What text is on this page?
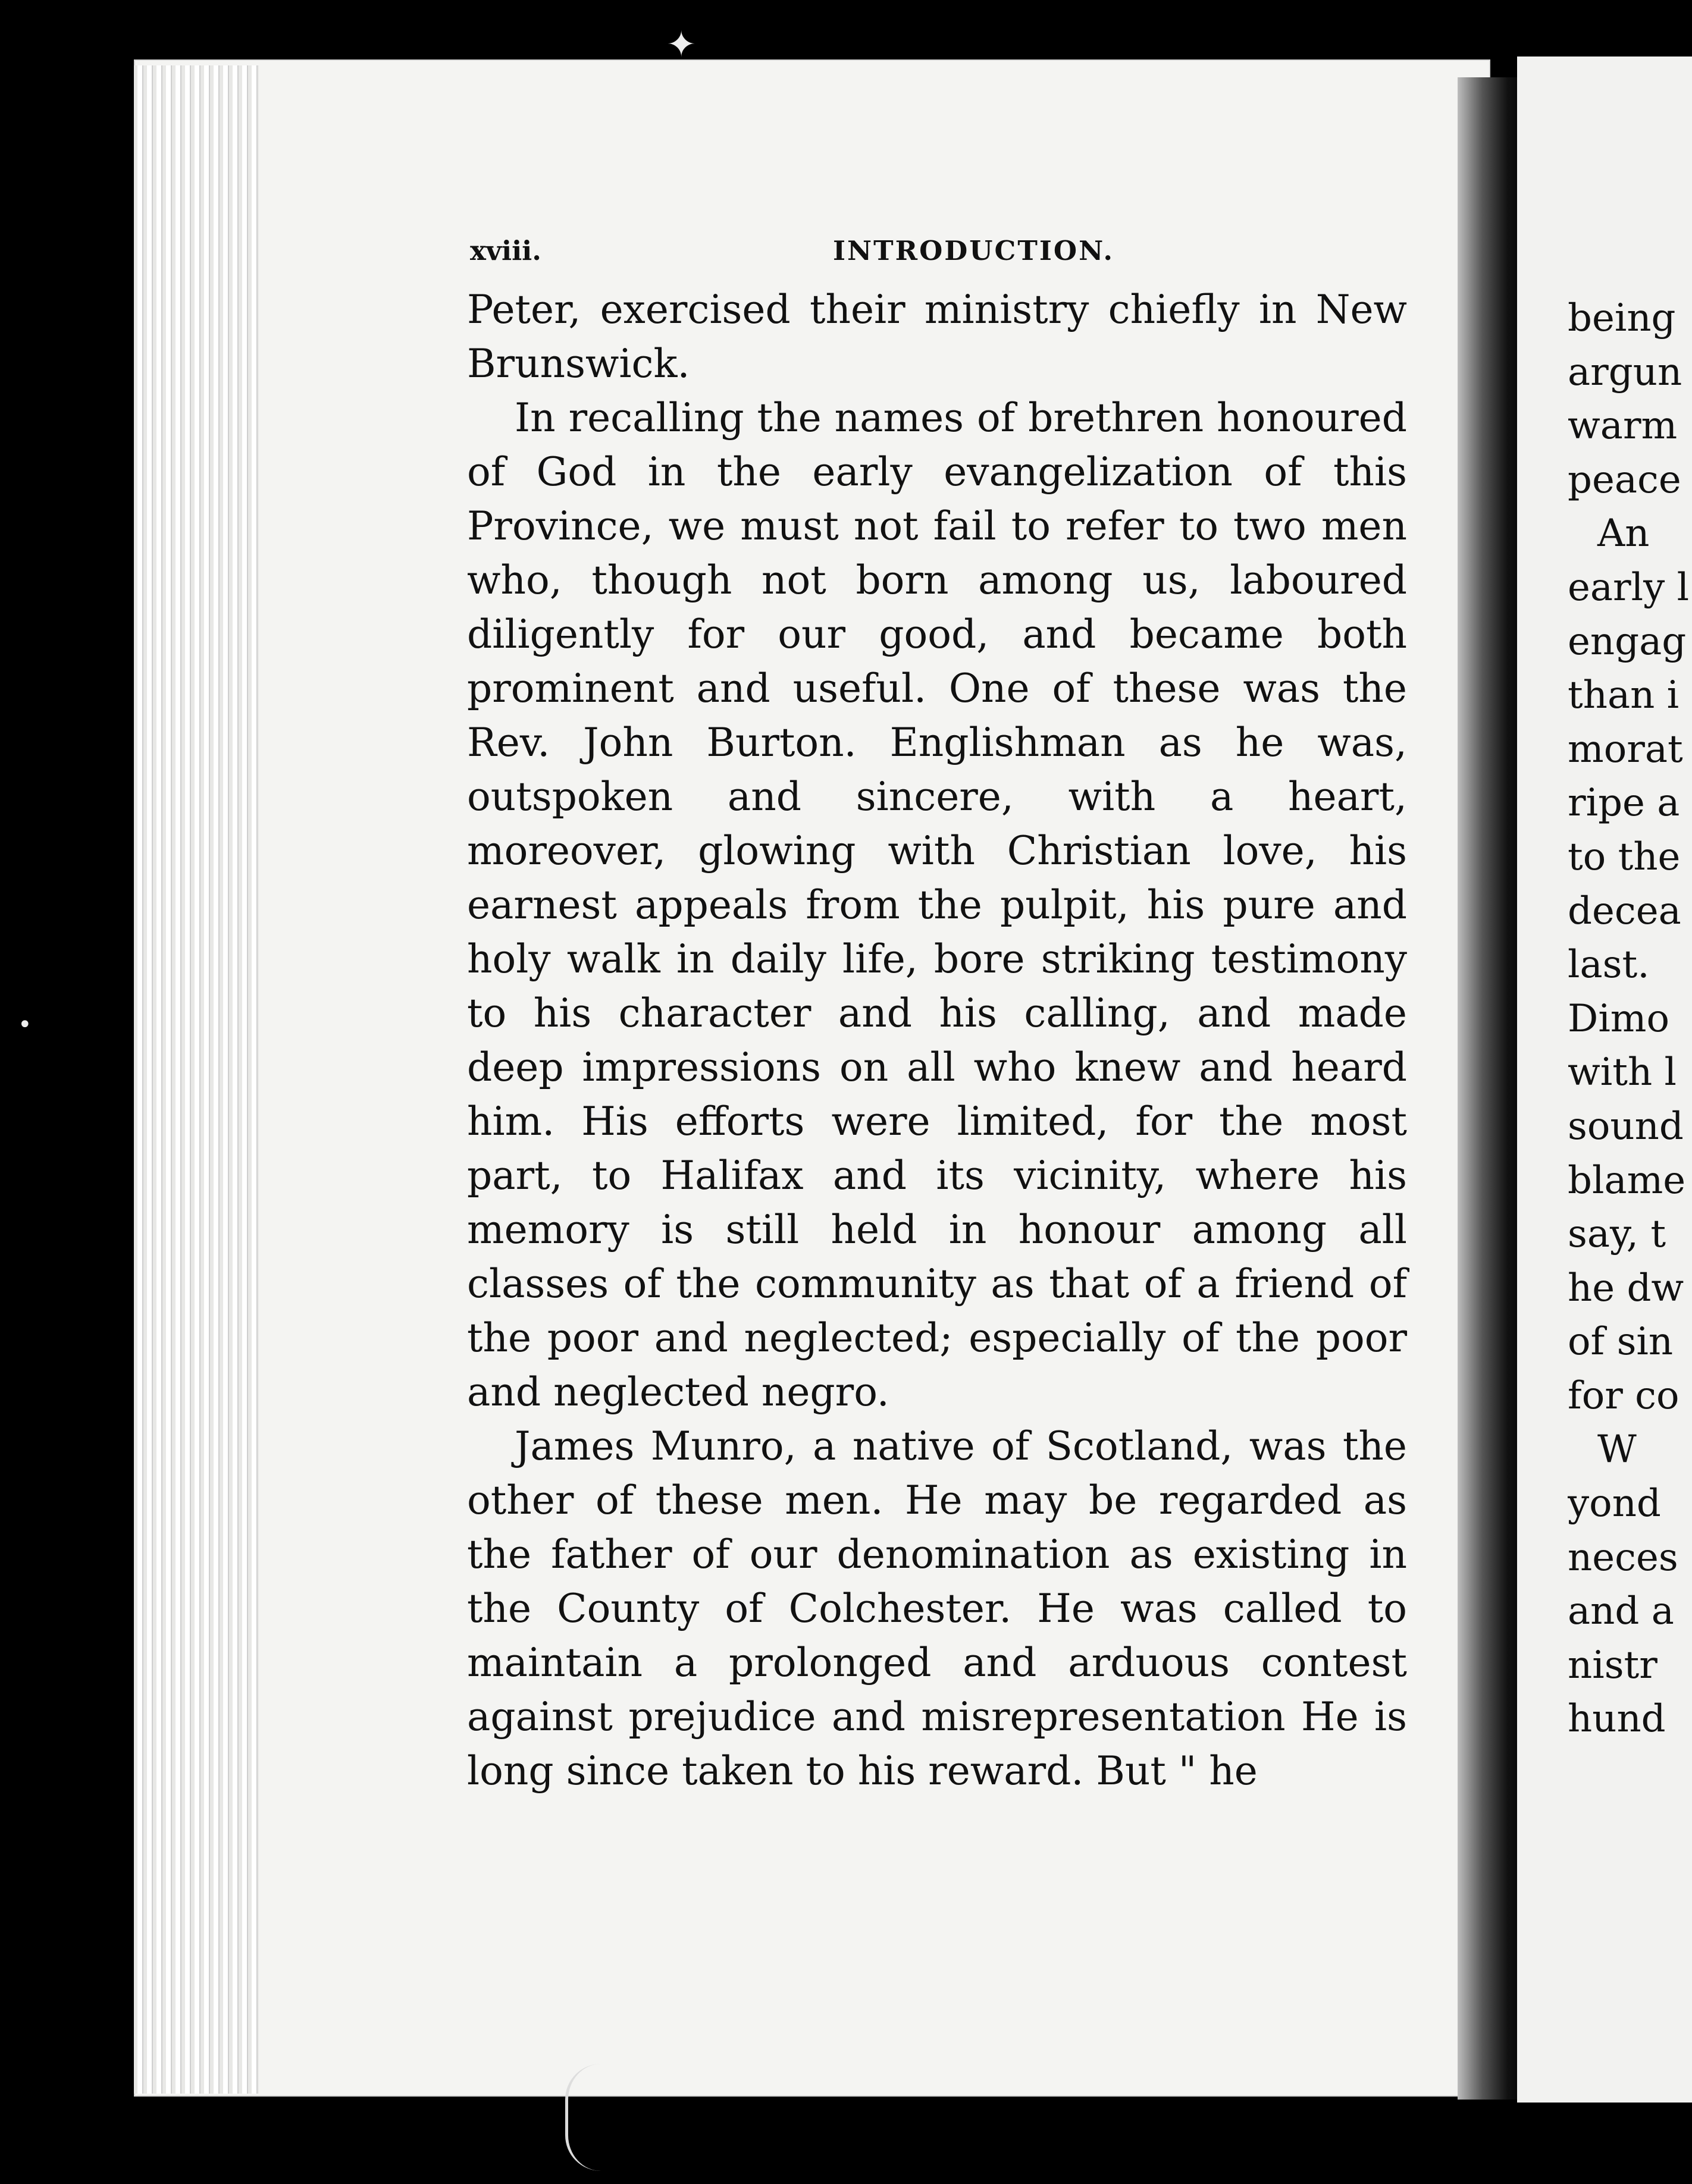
xviii.	INTRODUCTION.

Peter, exercised their ministry chiefly in New Brunswick.

In recalling the names of brethren honoured of God in the early evangelization of this Province, we must not fail to refer to two men who, though not born among us, laboured diligently for our good, and became both prominent and useful. One of these was the Rev. John Burton. Englishman as he was, outspoken and sincere, with a heart, moreover, glowing with Christian love, his earnest appeals from the pulpit, his pure and holy walk in daily life, bore striking testimony to his character and his calling, and made deep impressions on all who knew and heard him. His efforts were limited, for the most part, to Halifax and its vicinity, where his memory is still held in honour among all classes of the community as that of a friend of the poor and neglected; especially of the poor and neglected negro.

James Munro, a native of Scotland, was the other of these men. He may be regarded as the father of our denomination as existing in the County of Colchester. He was called to maintain a prolonged and arduous contest against prejudice and misrepresentation He is long since taken to his reward. But " he

being
argun
warm
peace
An
early l
engag
than i
morat
ripe a
to the
decea
last.
Dimo
with l
sound
blame
say, t
he dw
of sin
for co
W
yond
neces
and a
nistr
hund
✦
•
